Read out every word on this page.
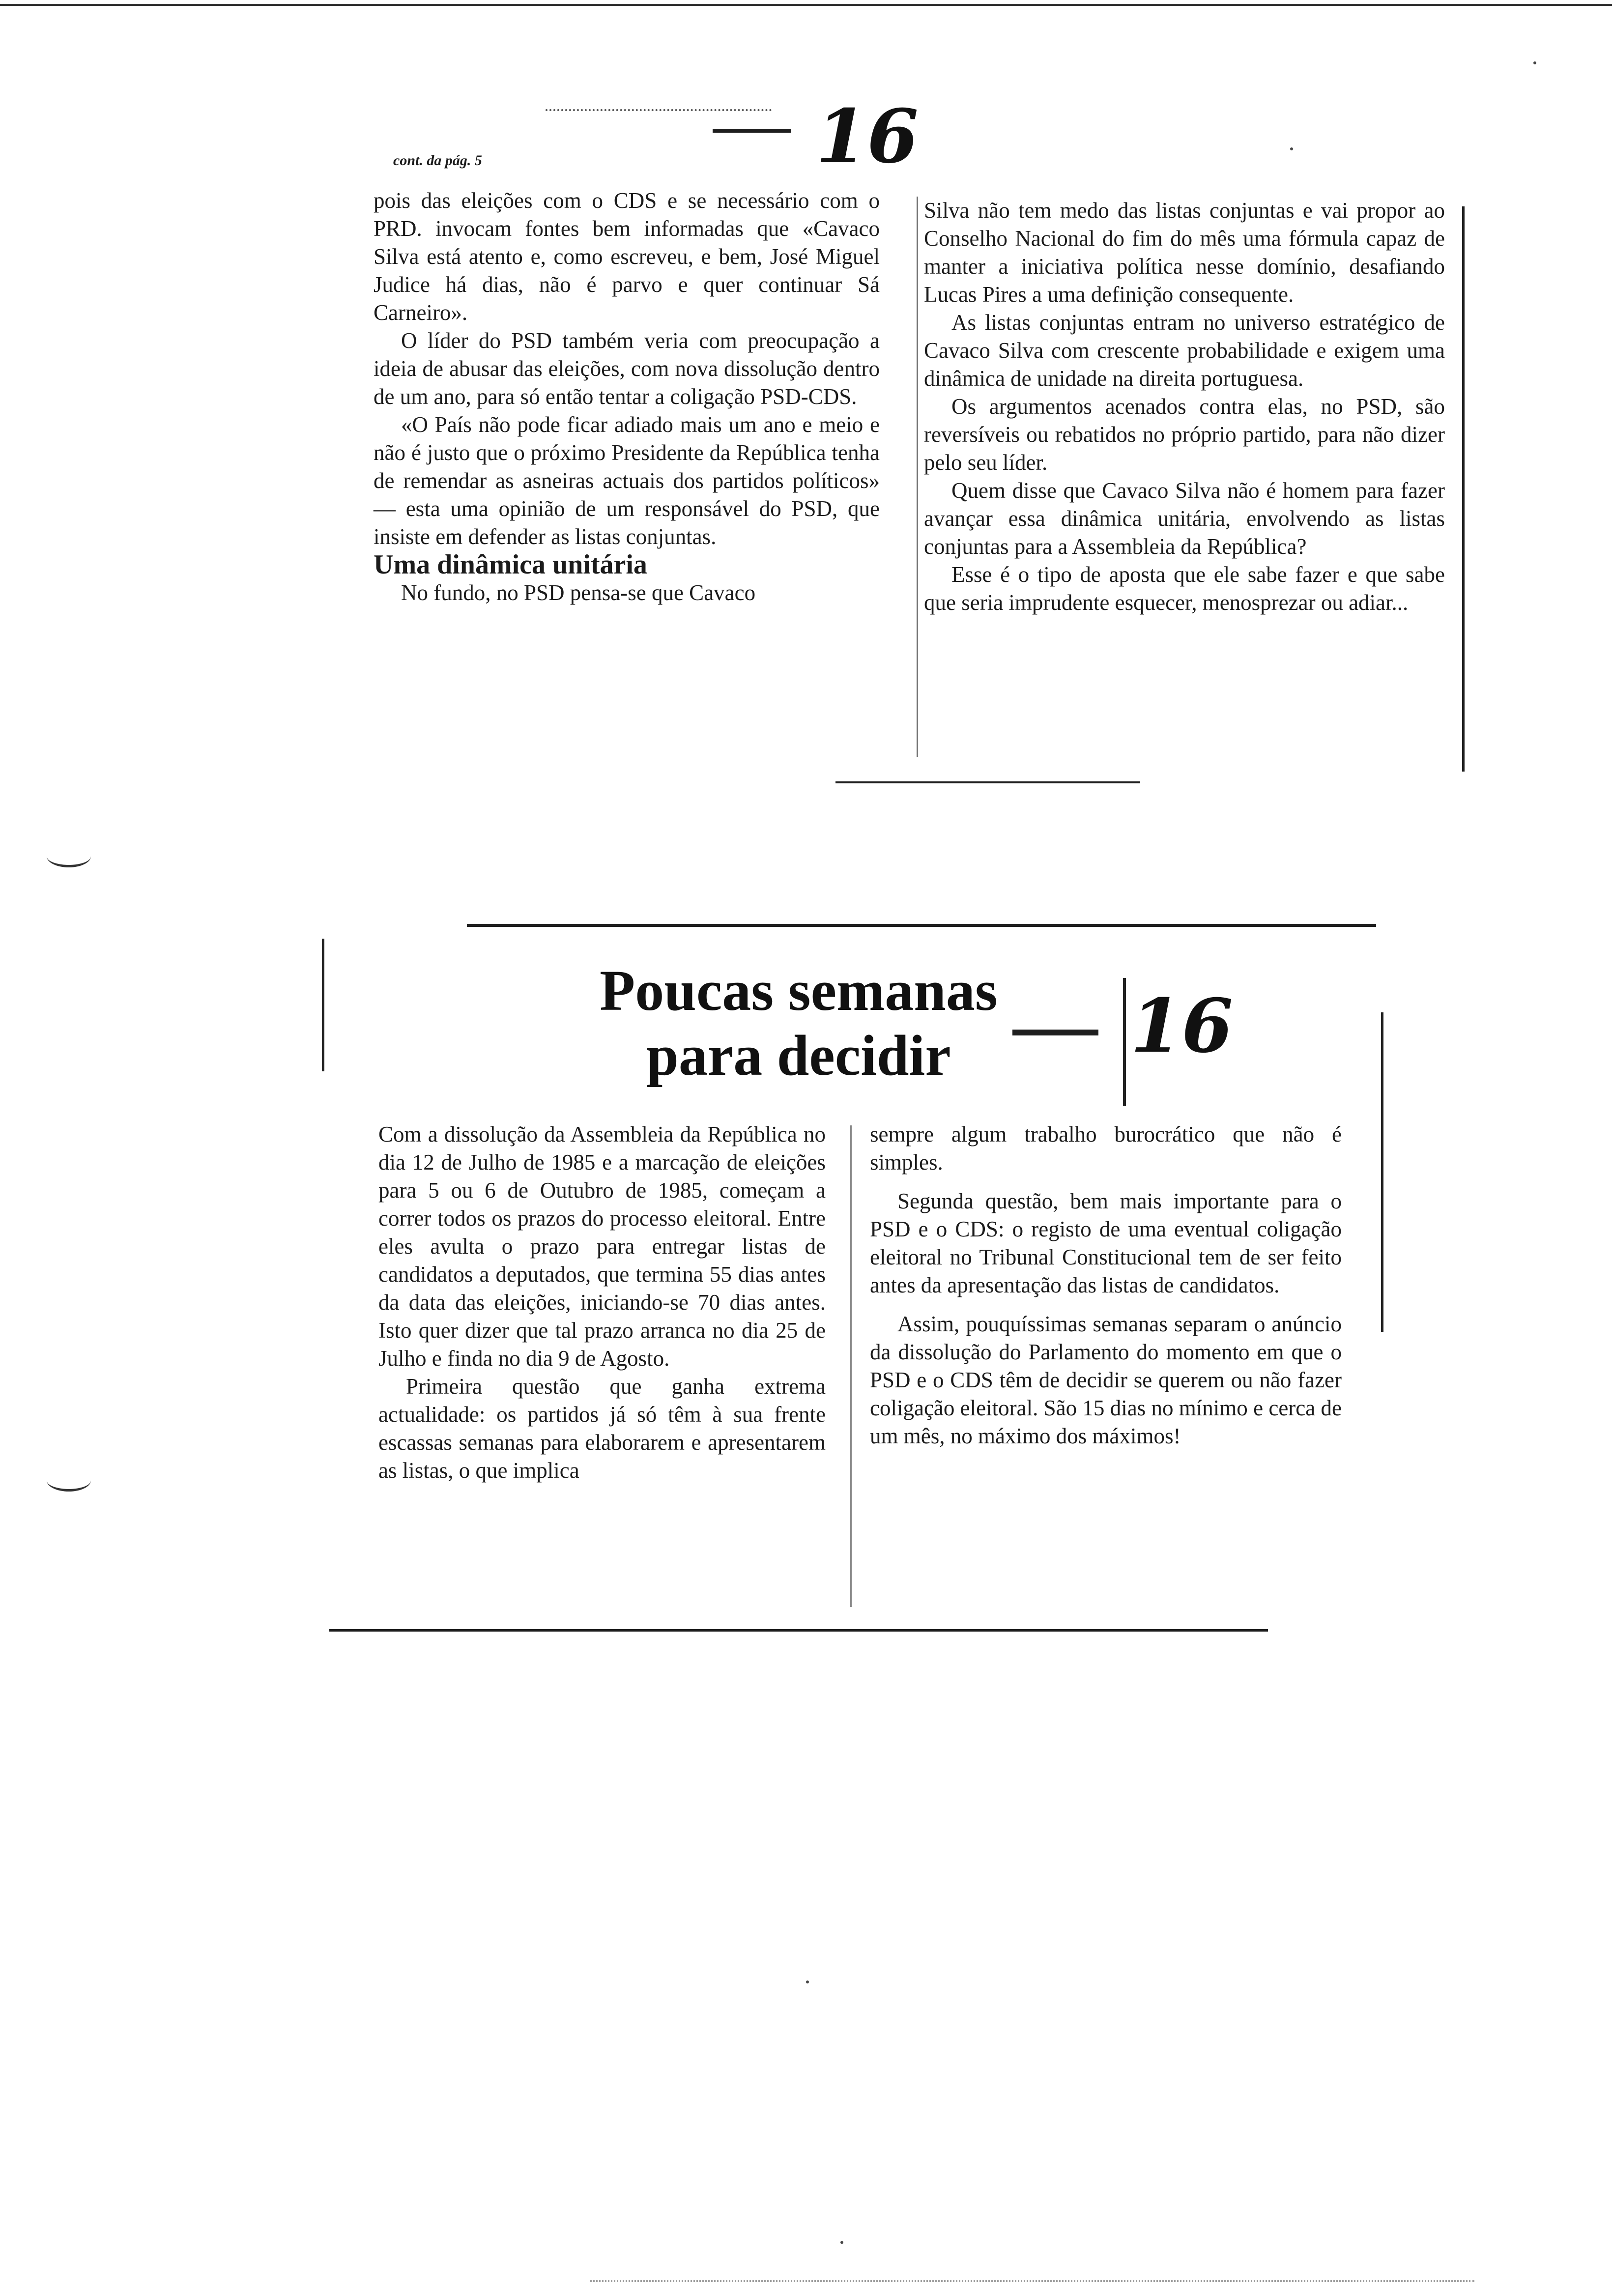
16
cont. da pág. 5

pois das eleições com o CDS e se necessário com o PRD. invocam fontes bem informadas que «Cavaco Silva está atento e, como escreveu, e bem, José Miguel Judice há dias, não é parvo e quer continuar Sá Carneiro».

O líder do PSD também veria com preocupação a ideia de abusar das eleições, com nova dissolução dentro de um ano, para só então tentar a coligação PSD-CDS.

«O País não pode ficar adiado mais um ano e meio e não é justo que o próximo Presidente da República tenha de remendar as asneiras actuais dos partidos políticos» — esta uma opinião de um responsável do PSD, que insiste em defender as listas conjuntas.

Uma dinâmica unitária

No fundo, no PSD pensa-se que Cavaco

Silva não tem medo das listas conjuntas e vai propor ao Conselho Nacional do fim do mês uma fórmula capaz de manter a iniciativa política nesse domínio, desafiando Lucas Pires a uma definição consequente.

As listas conjuntas entram no universo estratégico de Cavaco Silva com crescente probabilidade e exigem uma dinâmica de unidade na direita portuguesa.

Os argumentos acenados contra elas, no PSD, são reversíveis ou rebatidos no próprio partido, para não dizer pelo seu líder.

Quem disse que Cavaco Silva não é homem para fazer avançar essa dinâmica unitária, envolvendo as listas conjuntas para a Assembleia da República?

Esse é o tipo de aposta que ele sabe fazer e que sabe que seria imprudente esquecer, menosprezar ou adiar...

Poucas semanas
para decidir	16

Com a dissolução da Assembleia da República no dia 12 de Julho de 1985 e a marcação de eleições para 5 ou 6 de Outubro de 1985, começam a correr todos os prazos do processo eleitoral. Entre eles avulta o prazo para entregar listas de candidatos a deputados, que termina 55 dias antes da data das eleições, iniciando-se 70 dias antes. Isto quer dizer que tal prazo arranca no dia 25 de Julho e finda no dia 9 de Agosto.

Primeira questão que ganha extrema actualidade: os partidos já só têm à sua frente escassas semanas para elaborarem e apresentarem as listas, o que implica

sempre algum trabalho burocrático que não é simples.

Segunda questão, bem mais importante para o PSD e o CDS: o registo de uma eventual coligação eleitoral no Tribunal Constitucional tem de ser feito antes da apresentação das listas de candidatos.

Assim, pouquíssimas semanas separam o anúncio da dissolução do Parlamento do momento em que o PSD e o CDS têm de decidir se querem ou não fazer coligação eleitoral. São 15 dias no mínimo e cerca de um mês, no máximo dos máximos!
